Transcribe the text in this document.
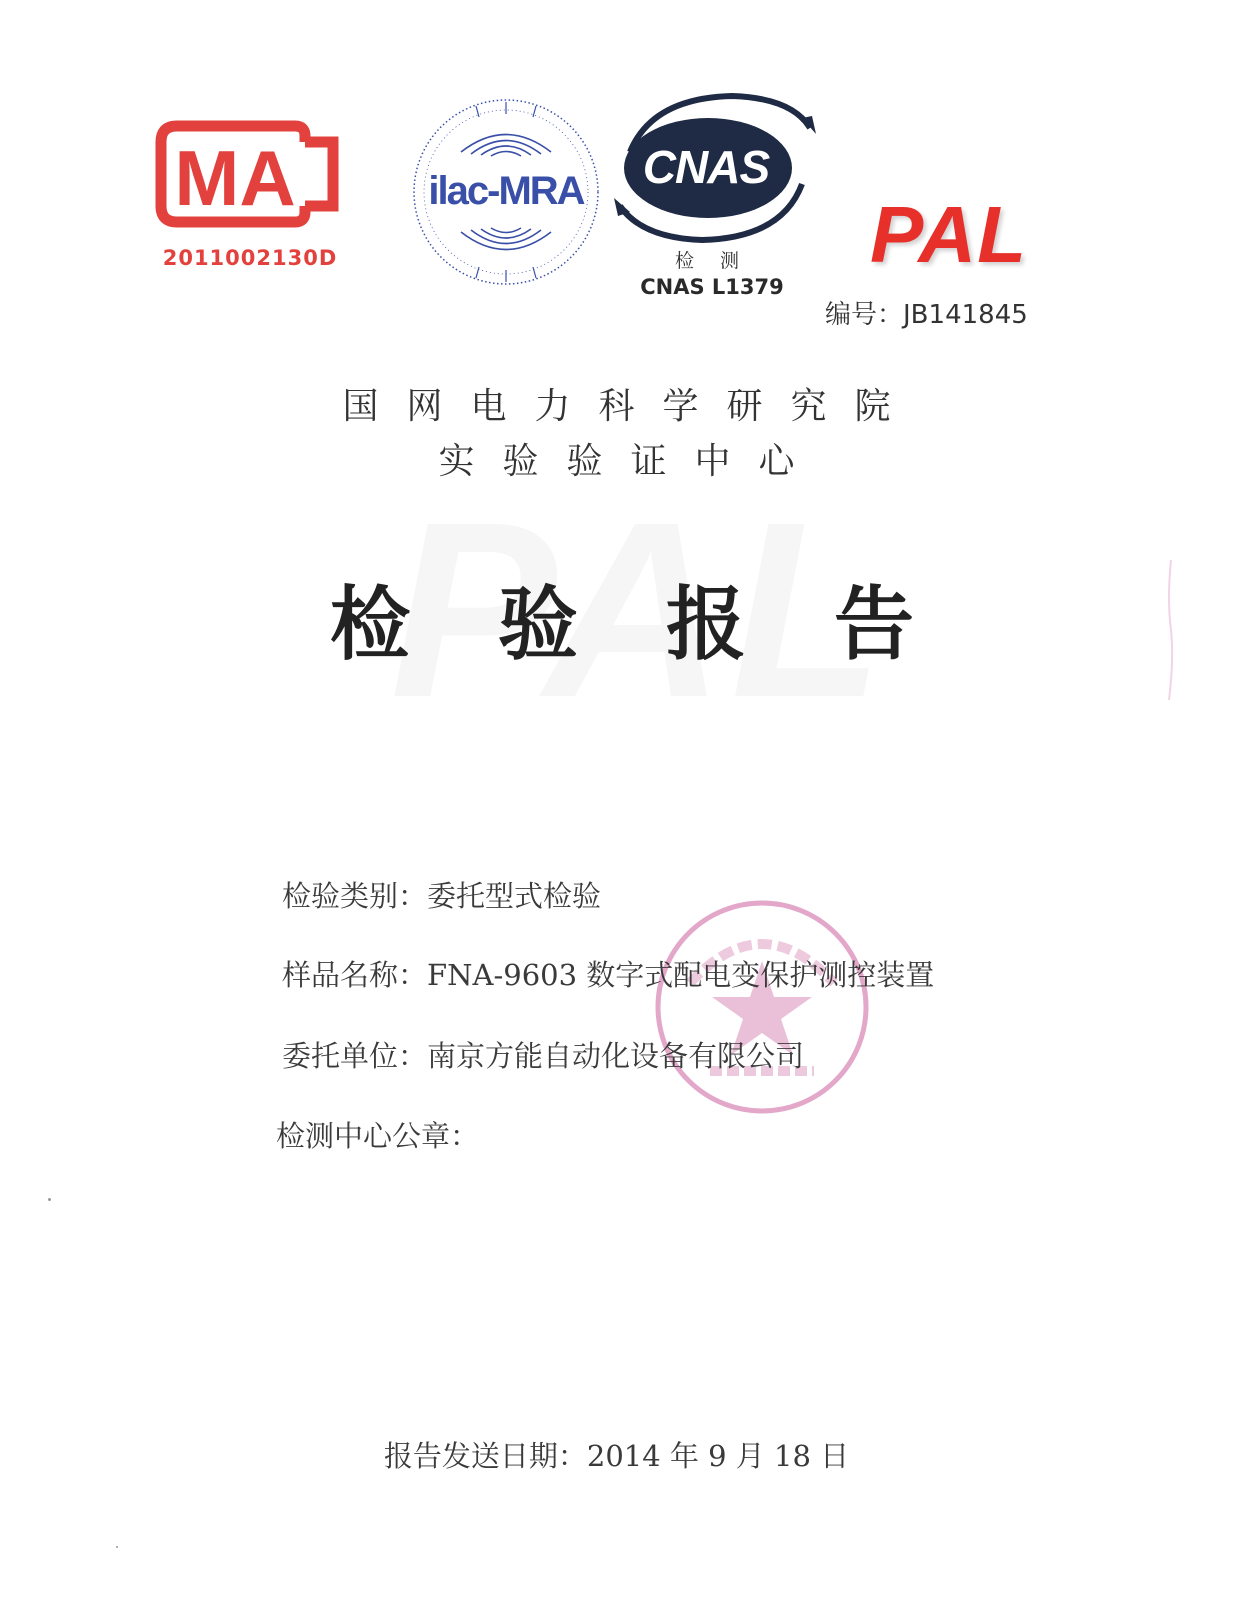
MA
2011002130D
ilac-MRA CNAS
检 测
CNAS L1379
PAL
编号：JB141845
国网电力科学研究院
实验验证中心
检验报告
检验类别：委托型式检验
样品名称：FNA-9603 数字式配电变保护测控装置
委托单位：南京方能自动化设备有限公司
检测中心公章：
报告发送日期：2014 年 9 月 18 日
